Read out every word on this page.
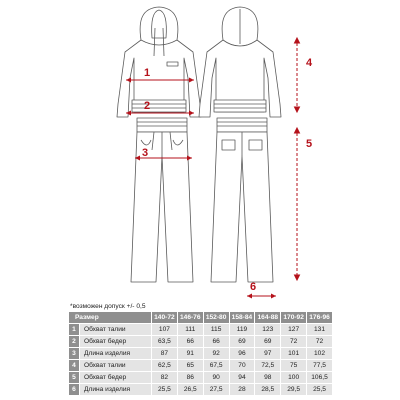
1
2
3
4
5
6
*возможен допуск +/- 0,5
Размер		140-72	146-76	152-80	158-84	164-88	170-92	176-96
1	Обхват талии	107	111	115	119	123	127	131
2	Обхват бедер	63,5	66	66	69	69	72	72
3	Длина изделия	87	91	92	96	97	101	102
4	Обхват талии	62,5	65	67,5	70	72,5	75	77,5
5	Обхват бедер	82	86	90	94	98	100	106,5
6	Длина изделия	25,5	26,5	27,5	28	28,5	29,5	25,5
